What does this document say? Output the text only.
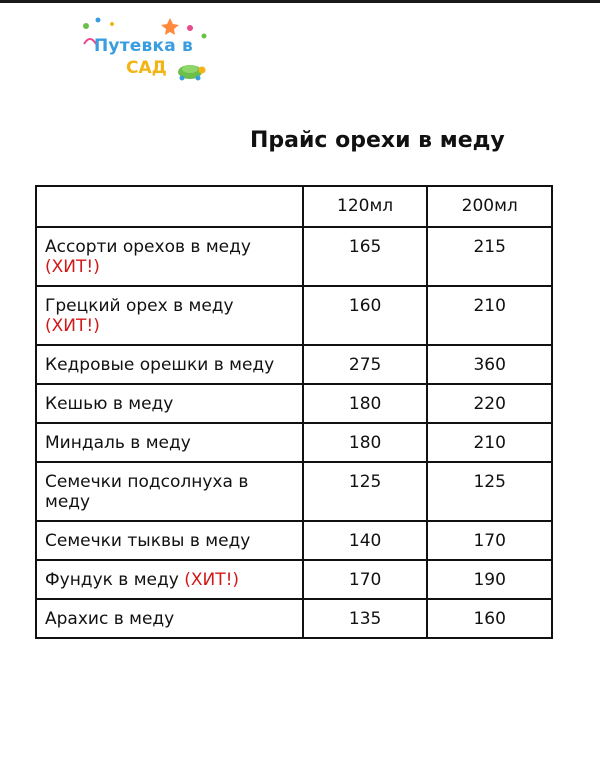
Путевка в
САД
Прайс орехи в меду
	120мл	200мл
Ассорти орехов в меду
(ХИТ!)	165	215
Грецкий орех в меду
(ХИТ!)	160	210
Кедровые орешки в меду	275	360
Кешью в меду	180	220
Миндаль в меду	180	210
Семечки подсолнуха в меду	125	125
Семечки тыквы в меду	140	170
Фундук в меду (ХИТ!)	170	190
Арахис в меду	135	160
